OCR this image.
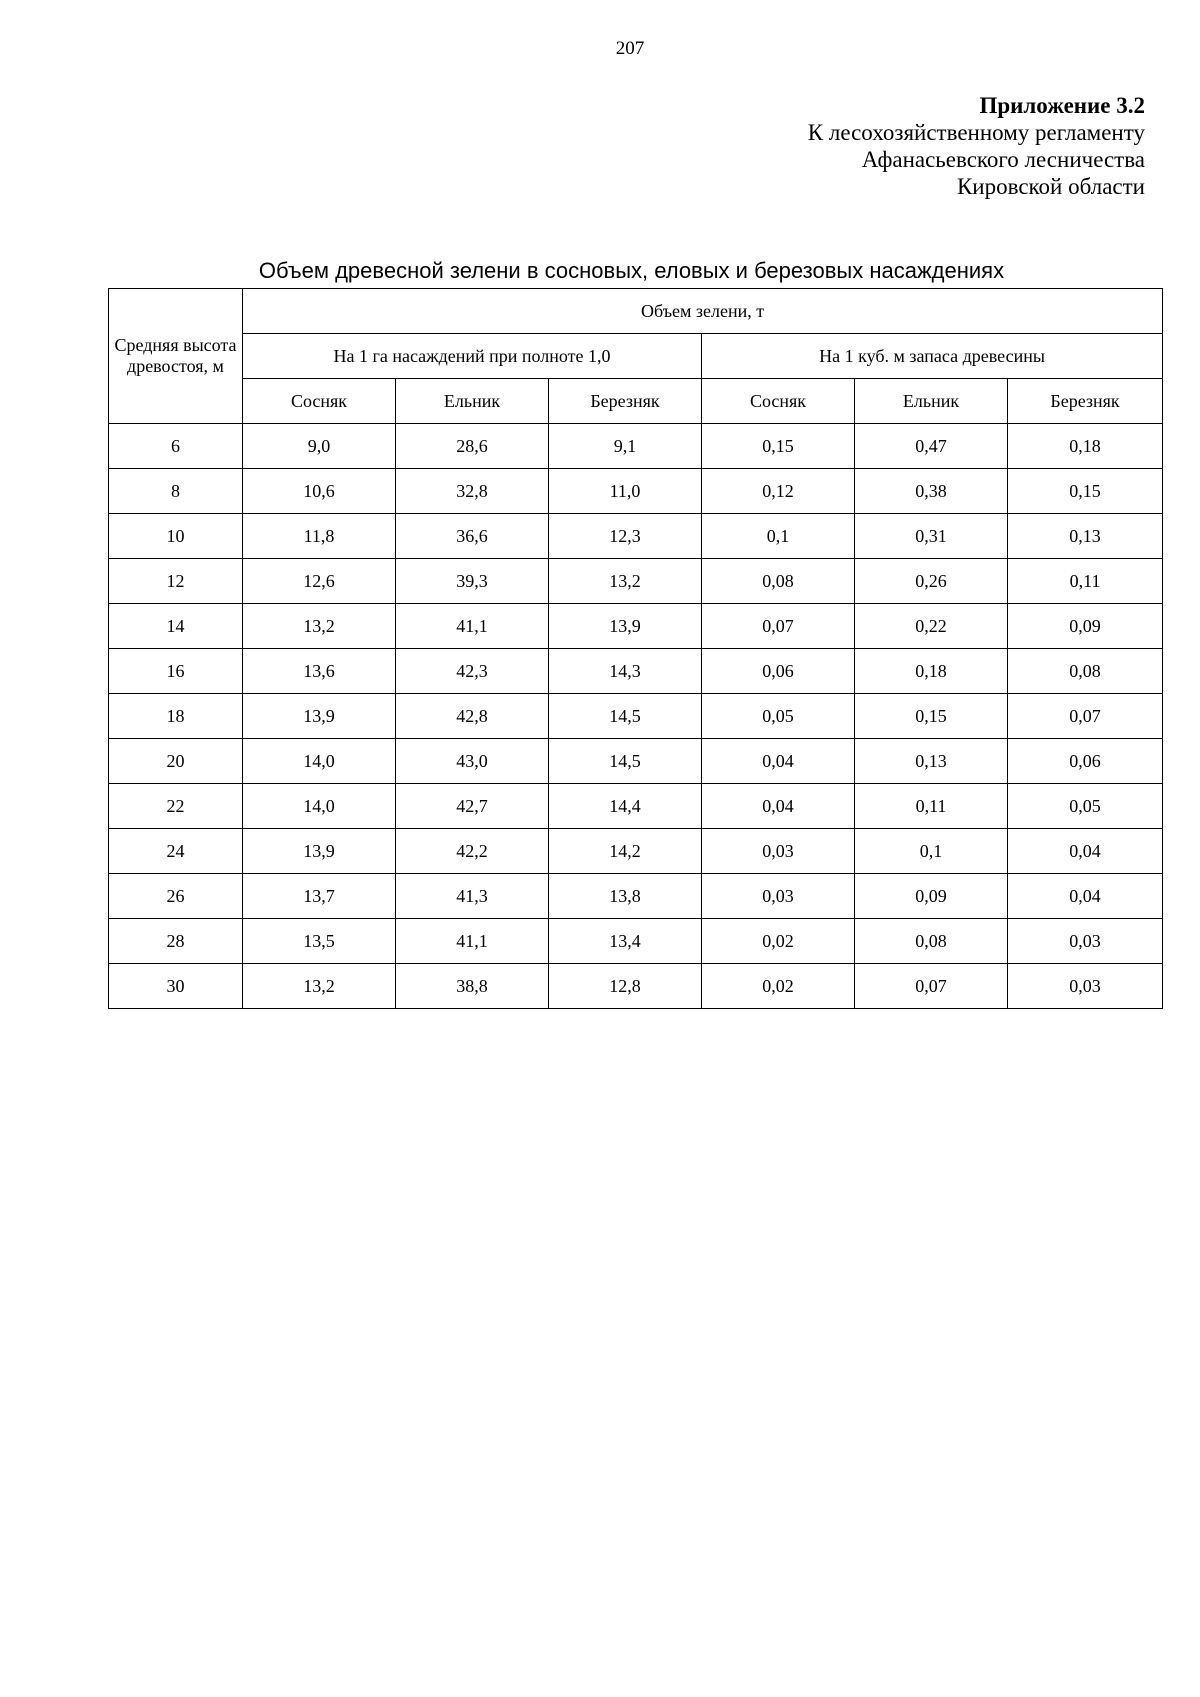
207
Приложение 3.2
К лесохозяйственному регламенту
Афанасьевского лесничества
Кировской области
Объем древесной зелени в сосновых, еловых и березовых насаждениях
Средняя высота древостоя, м	Объем зелени, т					
	На 1 га насаждений при полноте 1,0			На 1 куб. м запаса древесины		
	Сосняк	Ельник	Березняк	Сосняк	Ельник	Березняк
6	9,0	28,6	9,1	0,15	0,47	0,18
8	10,6	32,8	11,0	0,12	0,38	0,15
10	11,8	36,6	12,3	0,1	0,31	0,13
12	12,6	39,3	13,2	0,08	0,26	0,11
14	13,2	41,1	13,9	0,07	0,22	0,09
16	13,6	42,3	14,3	0,06	0,18	0,08
18	13,9	42,8	14,5	0,05	0,15	0,07
20	14,0	43,0	14,5	0,04	0,13	0,06
22	14,0	42,7	14,4	0,04	0,11	0,05
24	13,9	42,2	14,2	0,03	0,1	0,04
26	13,7	41,3	13,8	0,03	0,09	0,04
28	13,5	41,1	13,4	0,02	0,08	0,03
30	13,2	38,8	12,8	0,02	0,07	0,03
